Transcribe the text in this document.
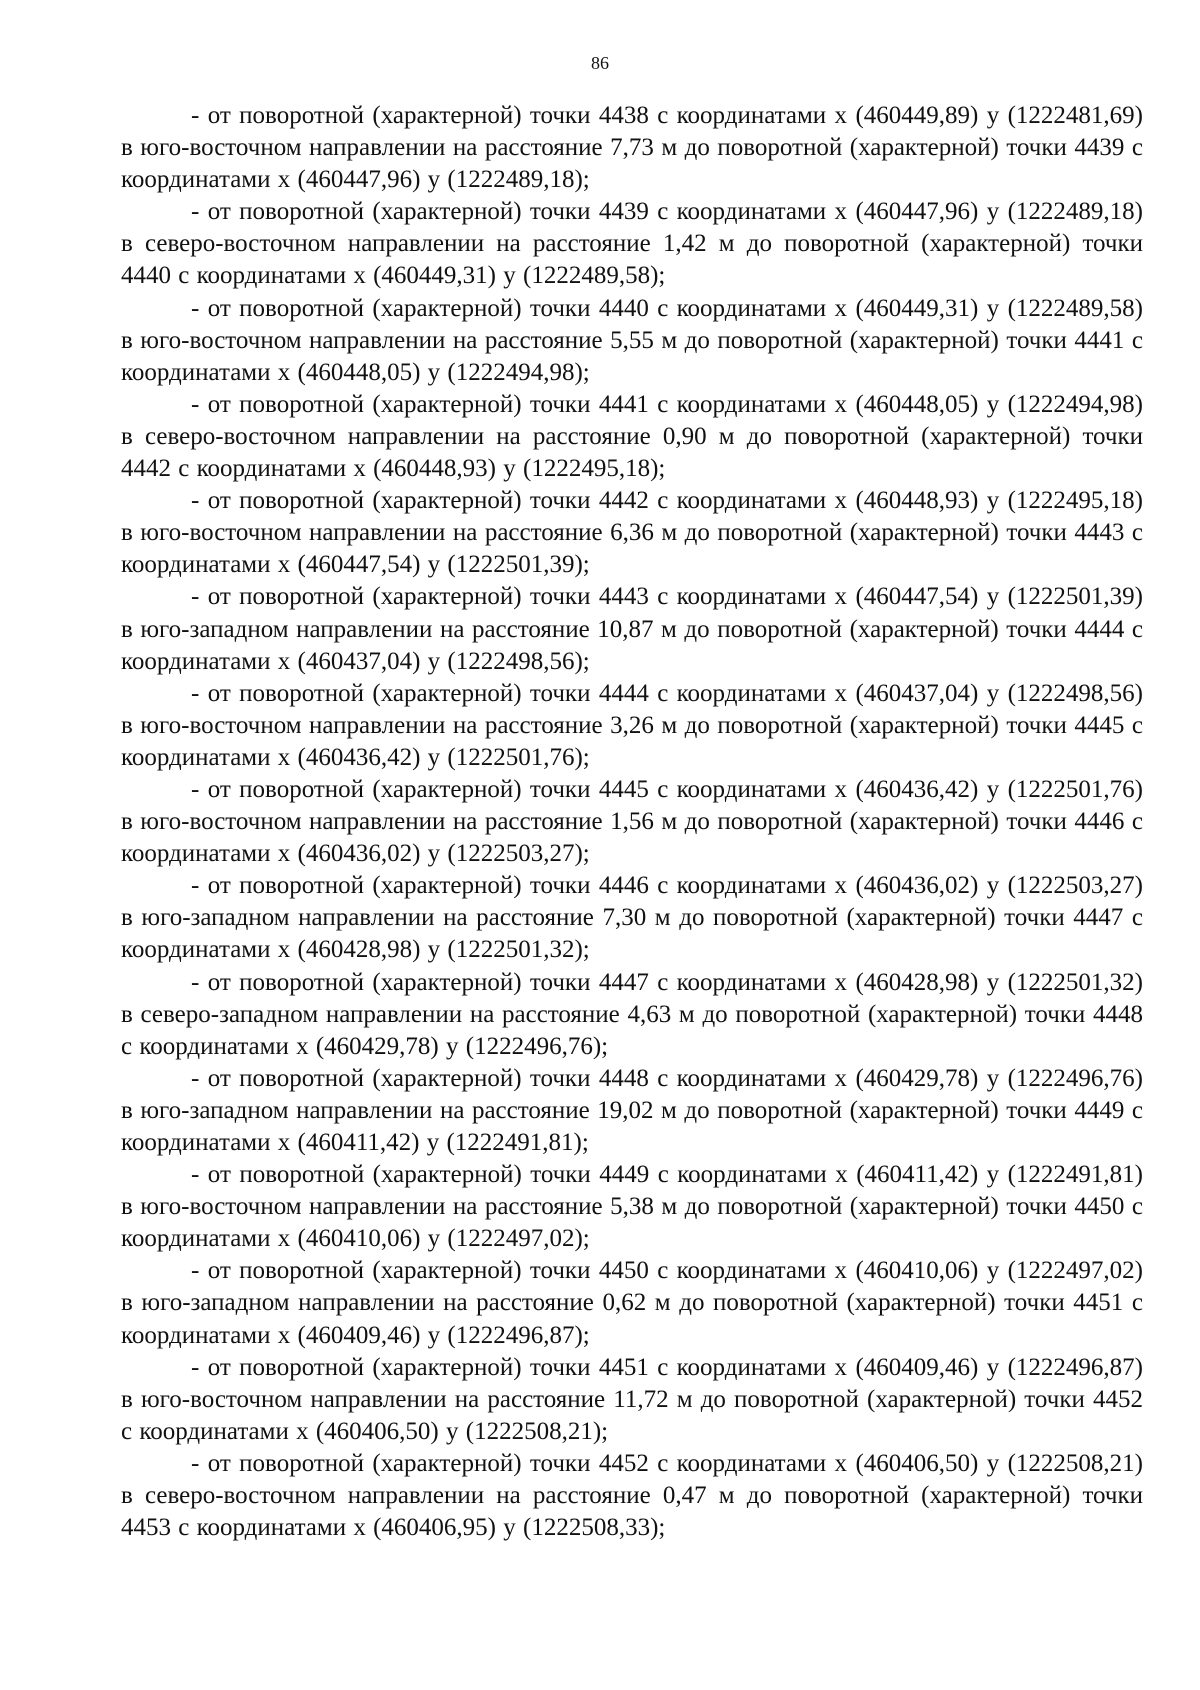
86

- от поворотной (характерной) точки 4438 с координатами x (460449,89) y (1222481,69) в юго-восточном направлении на расстояние 7,73 м до поворотной (характерной) точки 4439 с координатами x (460447,96) y (1222489,18);

- от поворотной (характерной) точки 4439 с координатами x (460447,96) y (1222489,18) в северо-восточном направлении на расстояние 1,42 м до поворотной (характерной) точки 4440 с координатами x (460449,31) y (1222489,58);

- от поворотной (характерной) точки 4440 с координатами x (460449,31) y (1222489,58) в юго-восточном направлении на расстояние 5,55 м до поворотной (характерной) точки 4441 с координатами x (460448,05) y (1222494,98);

- от поворотной (характерной) точки 4441 с координатами x (460448,05) y (1222494,98) в северо-восточном направлении на расстояние 0,90 м до поворотной (характерной) точки 4442 с координатами x (460448,93) y (1222495,18);

- от поворотной (характерной) точки 4442 с координатами x (460448,93) y (1222495,18) в юго-восточном направлении на расстояние 6,36 м до поворотной (характерной) точки 4443 с координатами x (460447,54) y (1222501,39);

- от поворотной (характерной) точки 4443 с координатами x (460447,54) y (1222501,39) в юго-западном направлении на расстояние 10,87 м до поворотной (характерной) точки 4444 с координатами x (460437,04) y (1222498,56);

- от поворотной (характерной) точки 4444 с координатами x (460437,04) y (1222498,56) в юго-восточном направлении на расстояние 3,26 м до поворотной (характерной) точки 4445 с координатами x (460436,42) y (1222501,76);

- от поворотной (характерной) точки 4445 с координатами x (460436,42) y (1222501,76) в юго-восточном направлении на расстояние 1,56 м до поворотной (характерной) точки 4446 с координатами x (460436,02) y (1222503,27);

- от поворотной (характерной) точки 4446 с координатами x (460436,02) y (1222503,27) в юго-западном направлении на расстояние 7,30 м до поворотной (характерной) точки 4447 с координатами x (460428,98) y (1222501,32);

- от поворотной (характерной) точки 4447 с координатами x (460428,98) y (1222501,32) в северо-западном направлении на расстояние 4,63 м до поворотной (характерной) точки 4448 с координатами x (460429,78) y (1222496,76);

- от поворотной (характерной) точки 4448 с координатами x (460429,78) y (1222496,76) в юго-западном направлении на расстояние 19,02 м до поворотной (характерной) точки 4449 с координатами x (460411,42) y (1222491,81);

- от поворотной (характерной) точки 4449 с координатами x (460411,42) y (1222491,81) в юго-восточном направлении на расстояние 5,38 м до поворотной (характерной) точки 4450 с координатами x (460410,06) y (1222497,02);

- от поворотной (характерной) точки 4450 с координатами x (460410,06) y (1222497,02) в юго-западном направлении на расстояние 0,62 м до поворотной (характерной) точки 4451 с координатами x (460409,46) y (1222496,87);

- от поворотной (характерной) точки 4451 с координатами x (460409,46) y (1222496,87) в юго-восточном направлении на расстояние 11,72 м до поворотной (характерной) точки 4452 с координатами x (460406,50) y (1222508,21);

- от поворотной (характерной) точки 4452 с координатами x (460406,50) y (1222508,21) в северо-восточном направлении на расстояние 0,47 м до поворотной (характерной) точки 4453 с координатами x (460406,95) y (1222508,33);
